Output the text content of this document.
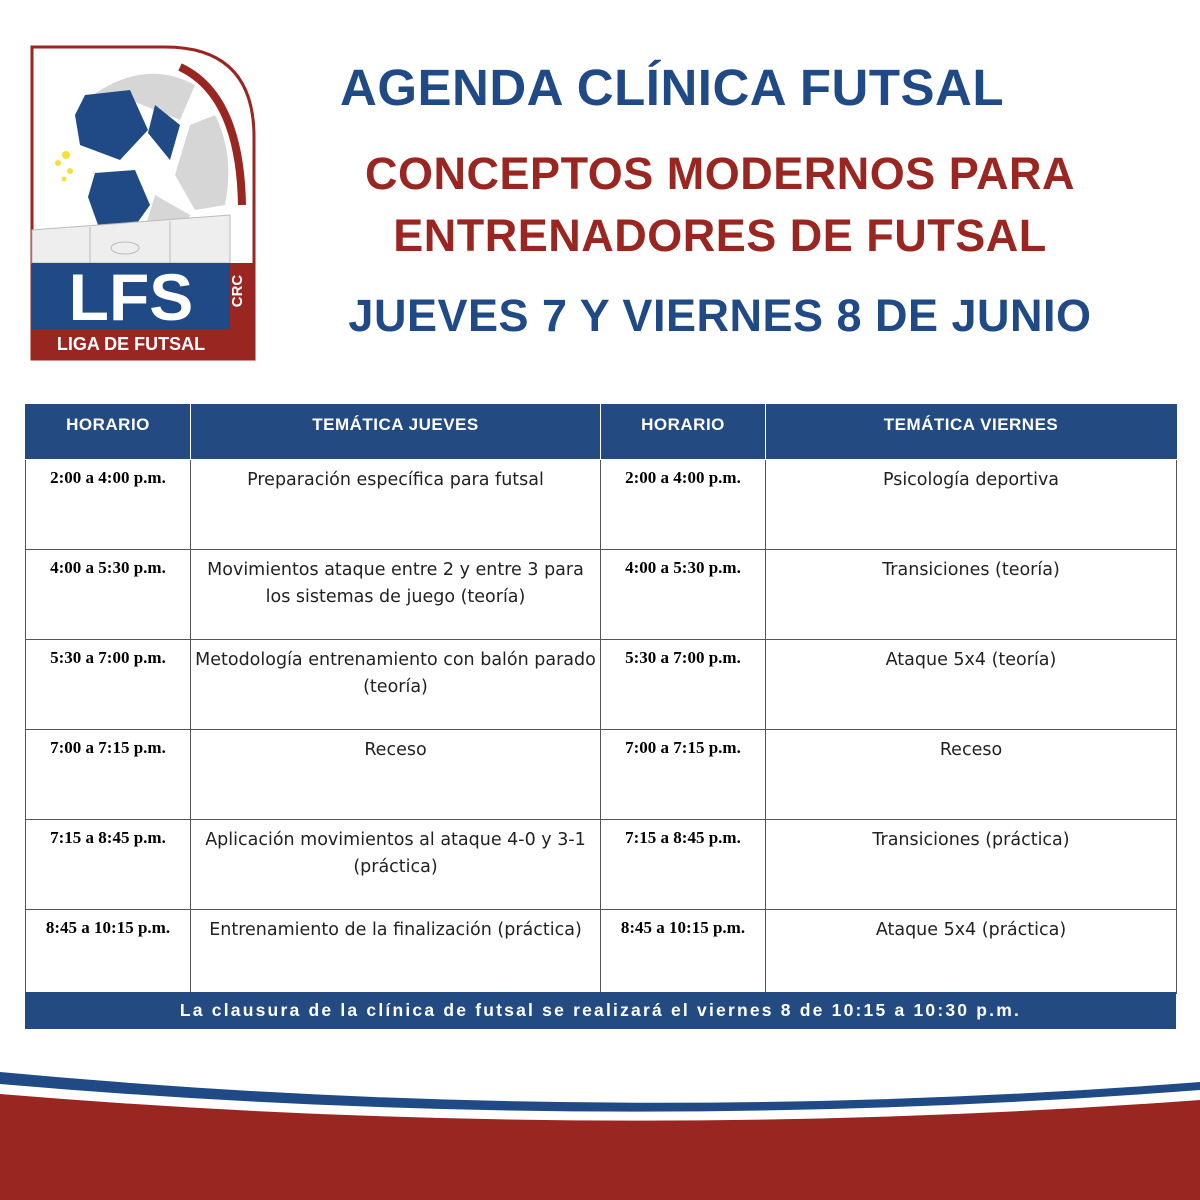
LFS CRC
LIGA DE FUTSAL
AGENDA CLÍNICA FUTSAL
CONCEPTOS MODERNOS PARA
ENTRENADORES DE FUTSAL
JUEVES 7 Y VIERNES 8 DE JUNIO
HORARIO	TEMÁTICA JUEVES	HORARIO	TEMÁTICA VIERNES
2:00 a 4:00 p.m.	Preparación específica para futsal	2:00 a 4:00 p.m.	Psicología deportiva
4:00 a 5:30 p.m.	Movimientos ataque entre 2 y entre 3 para los sistemas de juego (teoría)	4:00 a 5:30 p.m.	Transiciones (teoría)
5:30 a 7:00 p.m.	Metodología entrenamiento con balón parado (teoría)	5:30 a 7:00 p.m.	Ataque 5x4 (teoría)
7:00 a 7:15 p.m.	Receso	7:00 a 7:15 p.m.	Receso
7:15 a 8:45 p.m.	Aplicación movimientos al ataque 4-0 y 3-1 (práctica)	7:15 a 8:45 p.m.	Transiciones (práctica)
8:45 a 10:15 p.m.	Entrenamiento de la finalización (práctica)	8:45 a 10:15 p.m.	Ataque 5x4 (práctica)
La clausura de la clínica de futsal se realizará el viernes 8 de 10:15 a 10:30 p.m.
